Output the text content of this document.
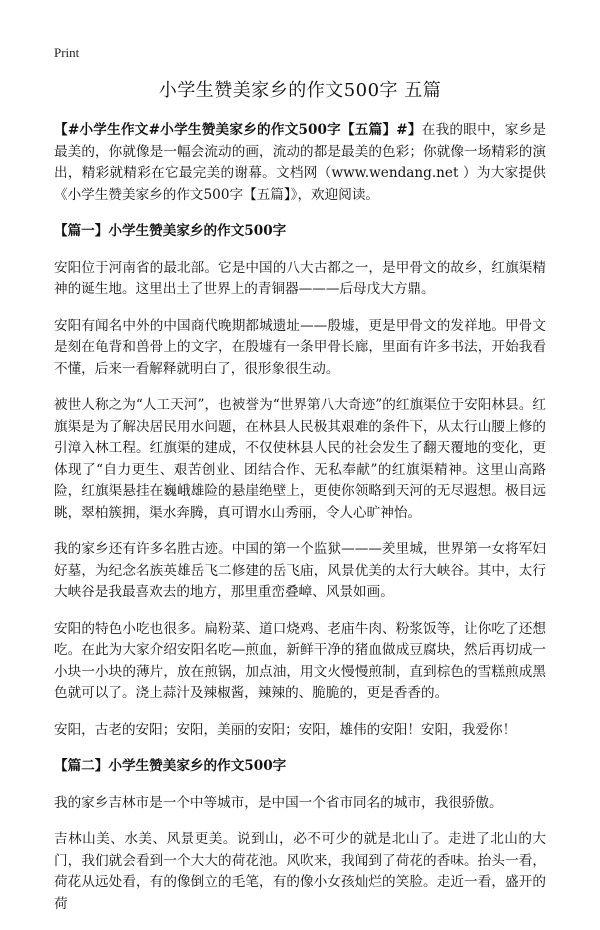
Print
小学生赞美家乡的作文500字 五篇

【#小学生作文#小学生赞美家乡的作文500字【五篇】#】在我的眼中，家乡是最美的，你就像是一幅会流动的画，流动的都是最美的色彩；你就像一场精彩的演出，精彩就精彩在它最完美的谢幕。文档网（www.wendang.net ）为大家提供《小学生赞美家乡的作文500字【五篇】》，欢迎阅读。

【篇一】小学生赞美家乡的作文500字

安阳位于河南省的最北部。它是中国的八大古都之一，是甲骨文的故乡，红旗渠精神的诞生地。这里出土了世界上的青铜器———后母戊大方鼎。

安阳有闻名中外的中国商代晚期都城遗址——殷墟，更是甲骨文的发祥地。甲骨文是刻在龟背和兽骨上的文字，在殷墟有一条甲骨长廊，里面有许多书法，开始我看不懂，后来一看解释就明白了，很形象很生动。

被世人称之为“人工天河”，也被誉为“世界第八大奇迹”的红旗渠位于安阳林县。红旗渠是为了解决居民用水问题，在林县人民极其艰难的条件下，从太行山腰上修的引漳入林工程。红旗渠的建成，不仅使林县人民的社会发生了翻天覆地的变化，更体现了“自力更生、艰苦创业、团结合作、无私奉献”的红旗渠精神。这里山高路险，红旗渠悬挂在巍峨雄险的悬崖绝壁上，更使你领略到天河的无尽遐想。极目远眺，翠柏簇拥，渠水奔腾，真可谓水山秀丽，令人心旷神怡。

我的家乡还有许多名胜古迹。中国的第一个监狱———羑里城，世界第一女将军妇好墓，为纪念名族英雄岳飞二修建的岳飞庙，风景优美的太行大峡谷。其中，太行大峡谷是我最喜欢去的地方，那里重峦叠嶂、风景如画。

安阳的特色小吃也很多。扁粉菜、道口烧鸡、老庙牛肉、粉浆饭等，让你吃了还想吃。在此为大家介绍安阳名吃—煎血，新鲜干净的猪血做成豆腐块，然后再切成一小块一小块的薄片，放在煎锅，加点油，用文火慢慢煎制，直到棕色的雪糕煎成黑色就可以了。浇上蒜汁及辣椒酱，辣辣的、脆脆的，更是香香的。

安阳，古老的安阳；安阳，美丽的安阳；安阳，雄伟的安阳！安阳，我爱你！

【篇二】小学生赞美家乡的作文500字

我的家乡吉林市是一个中等城市，是中国一个省市同名的城市，我很骄傲。

吉林山美、水美、风景更美。说到山，必不可少的就是北山了。走进了北山的大门，我们就会看到一个大大的荷花池。风吹来，我闻到了荷花的香味。抬头一看，荷花从远处看，有的像倒立的毛笔，有的像小女孩灿烂的笑脸。走近一看，盛开的荷
